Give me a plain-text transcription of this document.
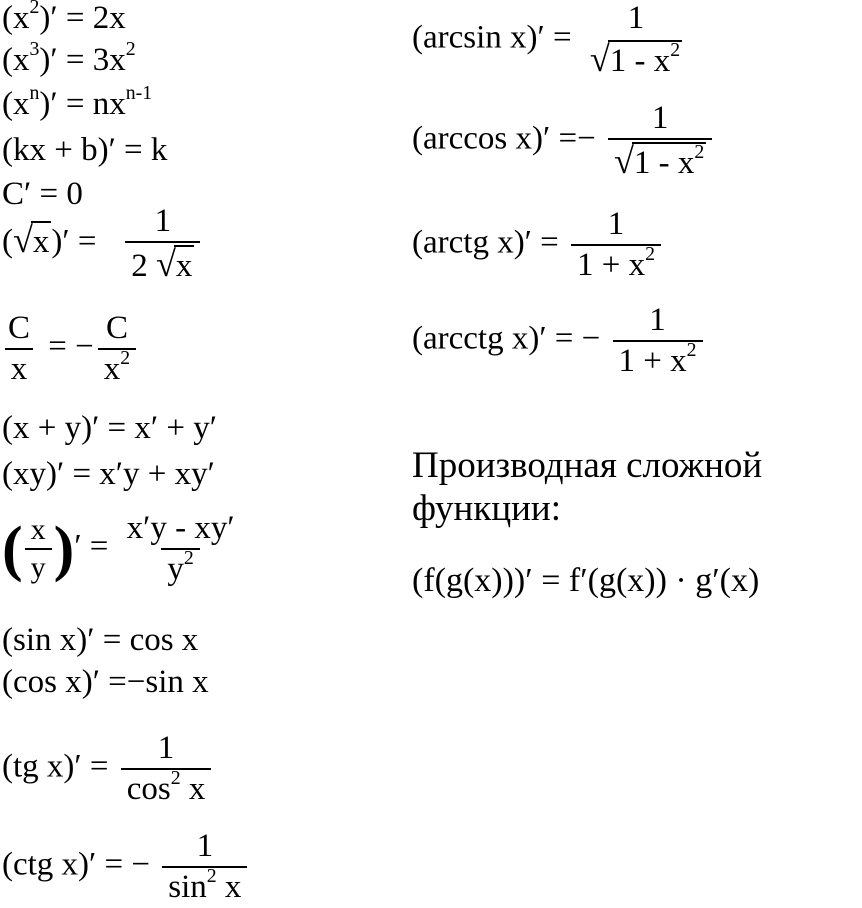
$(x^2)' = 2x$
$(x^3)' = 3x^2$
$(x^n)' = nx^{n-1}$
(kx + b)′ = k
C′ = 0
$(√x)' = \frac{1}{2 √x}$
$\frac{C}{x}$ = − $\frac{C}{x^2}$
(x + y)′ = x′ + y′
(xy)′ = x′y + xy′
( $\frac{x}{y}$ )′ = $\frac{x'y - xy'}{y^2}$
(sin x)′ = cos x
(cos x)′ =−sin x
(tg $x)' = \frac{1}{\cos^2 x}$
(ctg x)′ = − $\frac{1}{\sin^2 x}$
(arcsin x)′ =
1
$√1 - x^2$
(arccos $x)' =- \frac{1}{√1 - x^2}$
(arctg $x)' = \frac{1}{1 + x^2}$
(arcctg x)′ = − $\frac{1}{1 + x^2}$
Производная сложной
функции:
(f(g(x)))′ = f′(g(x)) · g′(x)
